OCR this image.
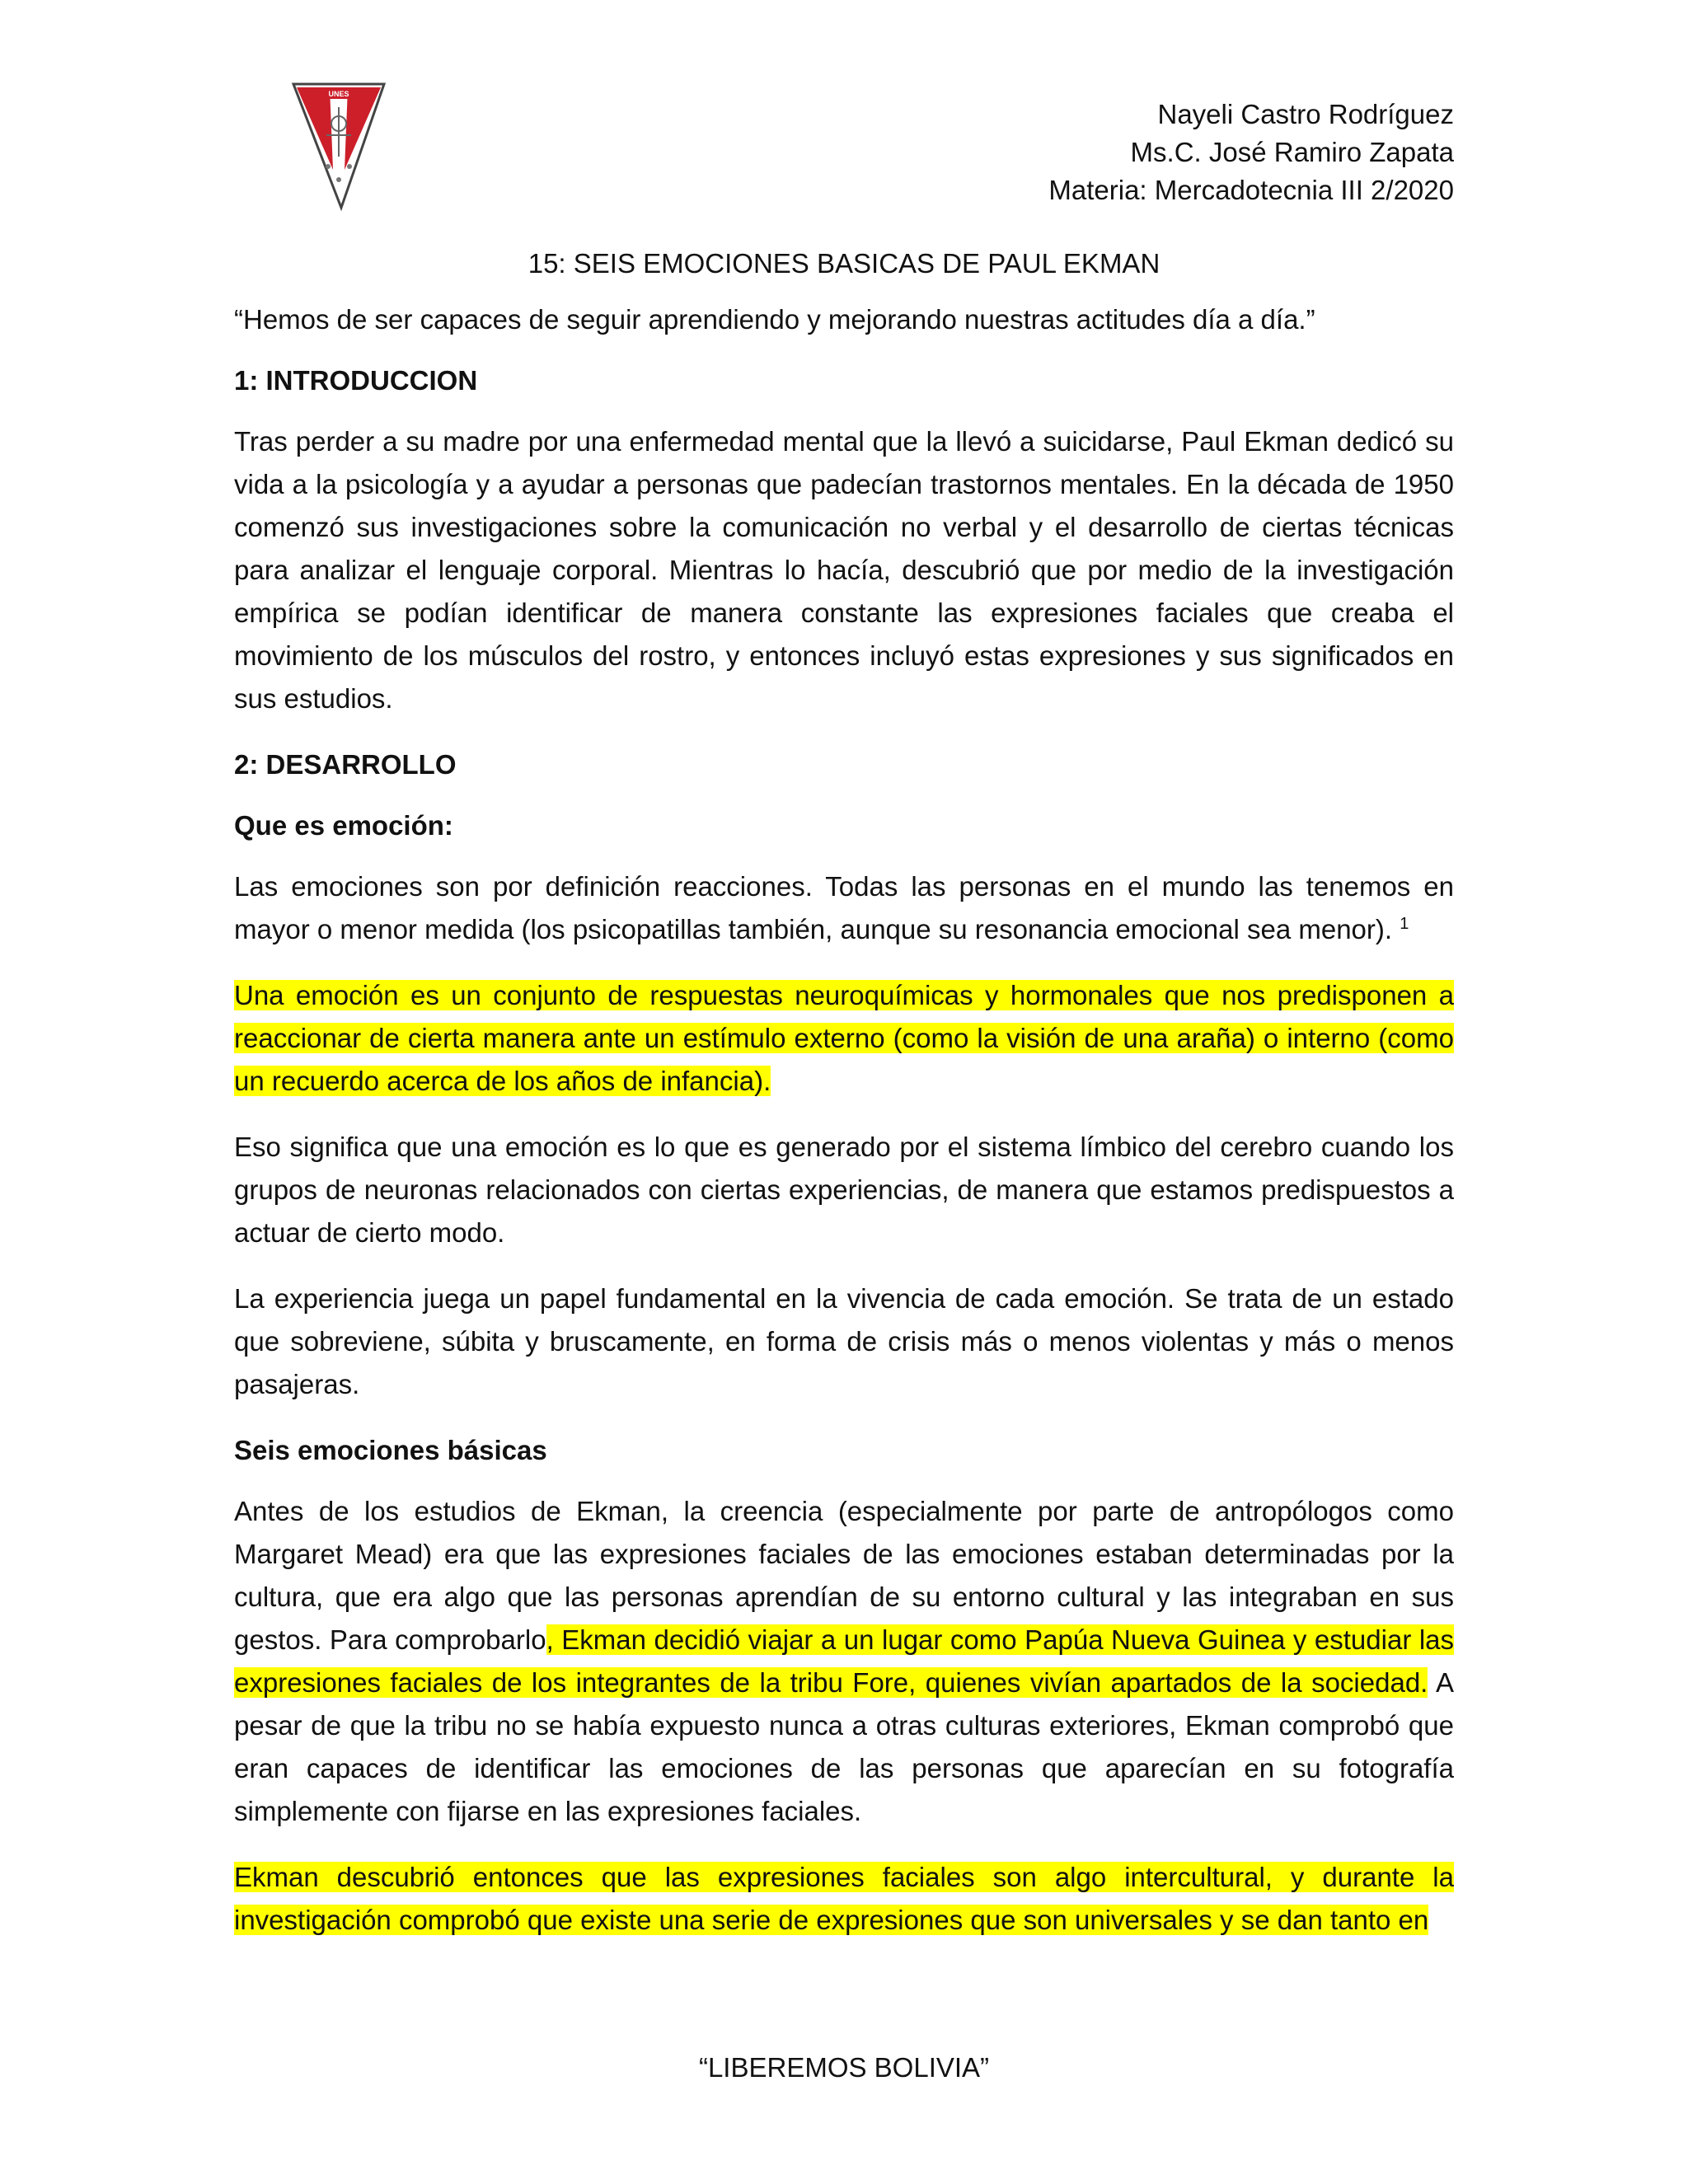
UNES
Nayeli Castro Rodríguez
Ms.C. José Ramiro Zapata
Materia: Mercadotecnia III 2/2020
15: SEIS EMOCIONES BASICAS DE PAUL EKMAN
“Hemos de ser capaces de seguir aprendiendo y mejorando nuestras actitudes día a día.”
1: INTRODUCCION

Tras perder a su madre por una enfermedad mental que la llevó a suicidarse, Paul Ekman dedicó su vida a la psicología y a ayudar a personas que padecían trastornos mentales. En la década de 1950 comenzó sus investigaciones sobre la comunicación no verbal y el desarrollo de ciertas técnicas para analizar el lenguaje corporal. Mientras lo hacía, descubrió que por medio de la investigación empírica se podían identificar de manera constante las expresiones faciales que creaba el movimiento de los músculos del rostro, y entonces incluyó estas expresiones y sus significados en sus estudios.

2: DESARROLLO
Que es emoción:

Las emociones son por definición reacciones. Todas las personas en el mundo las tenemos en mayor o menor medida (los psicopatillas también, aunque su resonancia emocional sea menor). $^1$

Una emoción es un conjunto de respuestas neuroquímicas y hormonales que nos predisponen a reaccionar de cierta manera ante un estímulo externo (como la visión de una araña) o interno (como un recuerdo acerca de los años de infancia).

Eso significa que una emoción es lo que es generado por el sistema límbico del cerebro cuando los grupos de neuronas relacionados con ciertas experiencias, de manera que estamos predispuestos a actuar de cierto modo.

La experiencia juega un papel fundamental en la vivencia de cada emoción. Se trata de un estado que sobreviene, súbita y bruscamente, en forma de crisis más o menos violentas y más o menos pasajeras.

Seis emociones básicas

Antes de los estudios de Ekman, la creencia (especialmente por parte de antropólogos como Margaret Mead) era que las expresiones faciales de las emociones estaban determinadas por la cultura, que era algo que las personas aprendían de su entorno cultural y las integraban en sus gestos. Para comprobarlo, Ekman decidió viajar a un lugar como Papúa Nueva Guinea y estudiar las expresiones faciales de los integrantes de la tribu Fore, quienes vivían apartados de la sociedad. A pesar de que la tribu no se había expuesto nunca a otras culturas exteriores, Ekman comprobó que eran capaces de identificar las emociones de las personas que aparecían en su fotografía simplemente con fijarse en las expresiones faciales.

Ekman descubrió entonces que las expresiones faciales son algo intercultural, y durante la investigación comprobó que existe una serie de expresiones que son universales y se dan tanto en

“LIBEREMOS BOLIVIA”
